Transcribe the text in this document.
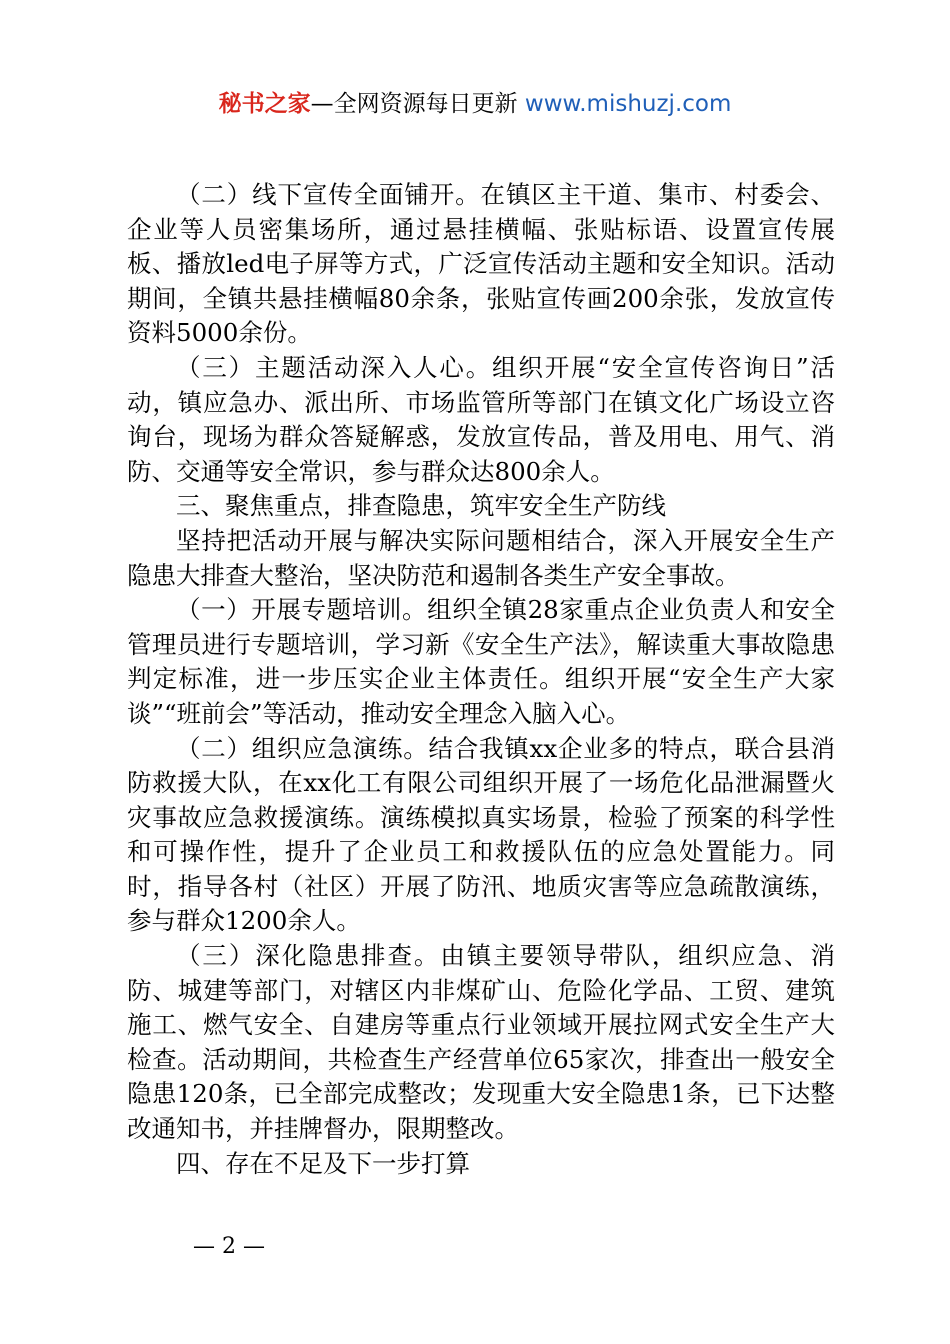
秘书之家—全网资源每日更新 www.mishuzj.com

（二）线下宣传全面铺开。在镇区主干道、集市、村委会、企业等人员密集场所，通过悬挂横幅、张贴标语、设置宣传展板、播放led电子屏等方式，广泛宣传活动主题和安全知识。活动期间，全镇共悬挂横幅80余条，张贴宣传画200余张，发放宣传资料5000余份。

（三）主题活动深入人心。组织开展“安全宣传咨询日”活动，镇应急办、派出所、市场监管所等部门在镇文化广场设立咨询台，现场为群众答疑解惑，发放宣传品，普及用电、用气、消防、交通等安全常识，参与群众达800余人。

三、聚焦重点，排查隐患，筑牢安全生产防线

坚持把活动开展与解决实际问题相结合，深入开展安全生产隐患大排查大整治，坚决防范和遏制各类生产安全事故。

（一）开展专题培训。组织全镇28家重点企业负责人和安全管理员进行专题培训，学习新《安全生产法》，解读重大事故隐患判定标准，进一步压实企业主体责任。组织开展“安全生产大家谈”“班前会”等活动，推动安全理念入脑入心。

（二）组织应急演练。结合我镇xx企业多的特点，联合县消防救援大队，在xx化工有限公司组织开展了一场危化品泄漏暨火灾事故应急救援演练。演练模拟真实场景，检验了预案的科学性和可操作性，提升了企业员工和救援队伍的应急处置能力。同时，指导各村（社区）开展了防汛、地质灾害等应急疏散演练，参与群众1200余人。

（三）深化隐患排查。由镇主要领导带队，组织应急、消防、城建等部门，对辖区内非煤矿山、危险化学品、工贸、建筑施工、燃气安全、自建房等重点行业领域开展拉网式安全生产大检查。活动期间，共检查生产经营单位65家次，排查出一般安全隐患120条，已全部完成整改；发现重大安全隐患1条，已下达整改通知书，并挂牌督办，限期整改。

四、存在不足及下一步打算

— 2 —
